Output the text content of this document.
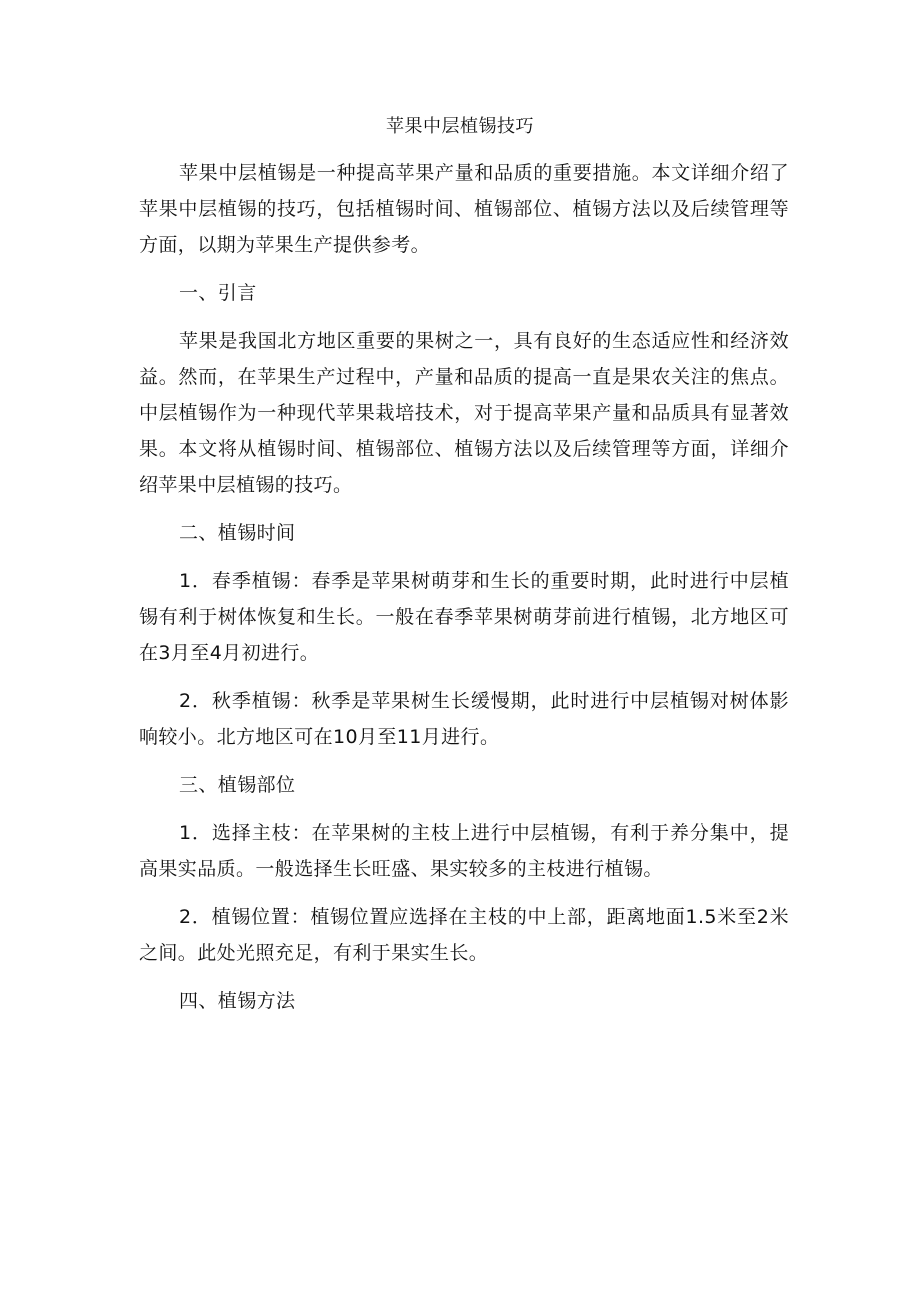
苹果中层植锡技巧

苹果中层植锡是一种提高苹果产量和品质的重要措施。本文详细介绍了苹果中层植锡的技巧，包括植锡时间、植锡部位、植锡方法以及后续管理等方面，以期为苹果生产提供参考。

一、引言

苹果是我国北方地区重要的果树之一，具有良好的生态适应性和经济效益。然而，在苹果生产过程中，产量和品质的提高一直是果农关注的焦点。中层植锡作为一种现代苹果栽培技术，对于提高苹果产量和品质具有显著效果。本文将从植锡时间、植锡部位、植锡方法以及后续管理等方面，详细介绍苹果中层植锡的技巧。

二、植锡时间

1．春季植锡：春季是苹果树萌芽和生长的重要时期，此时进行中层植锡有利于树体恢复和生长。一般在春季苹果树萌芽前进行植锡，北方地区可在3月至4月初进行。

2．秋季植锡：秋季是苹果树生长缓慢期，此时进行中层植锡对树体影响较小。北方地区可在10月至11月进行。

三、植锡部位

1．选择主枝：在苹果树的主枝上进行中层植锡，有利于养分集中，提高果实品质。一般选择生长旺盛、果实较多的主枝进行植锡。

2．植锡位置：植锡位置应选择在主枝的中上部，距离地面1.5米至2米之间。此处光照充足，有利于果实生长。

四、植锡方法
